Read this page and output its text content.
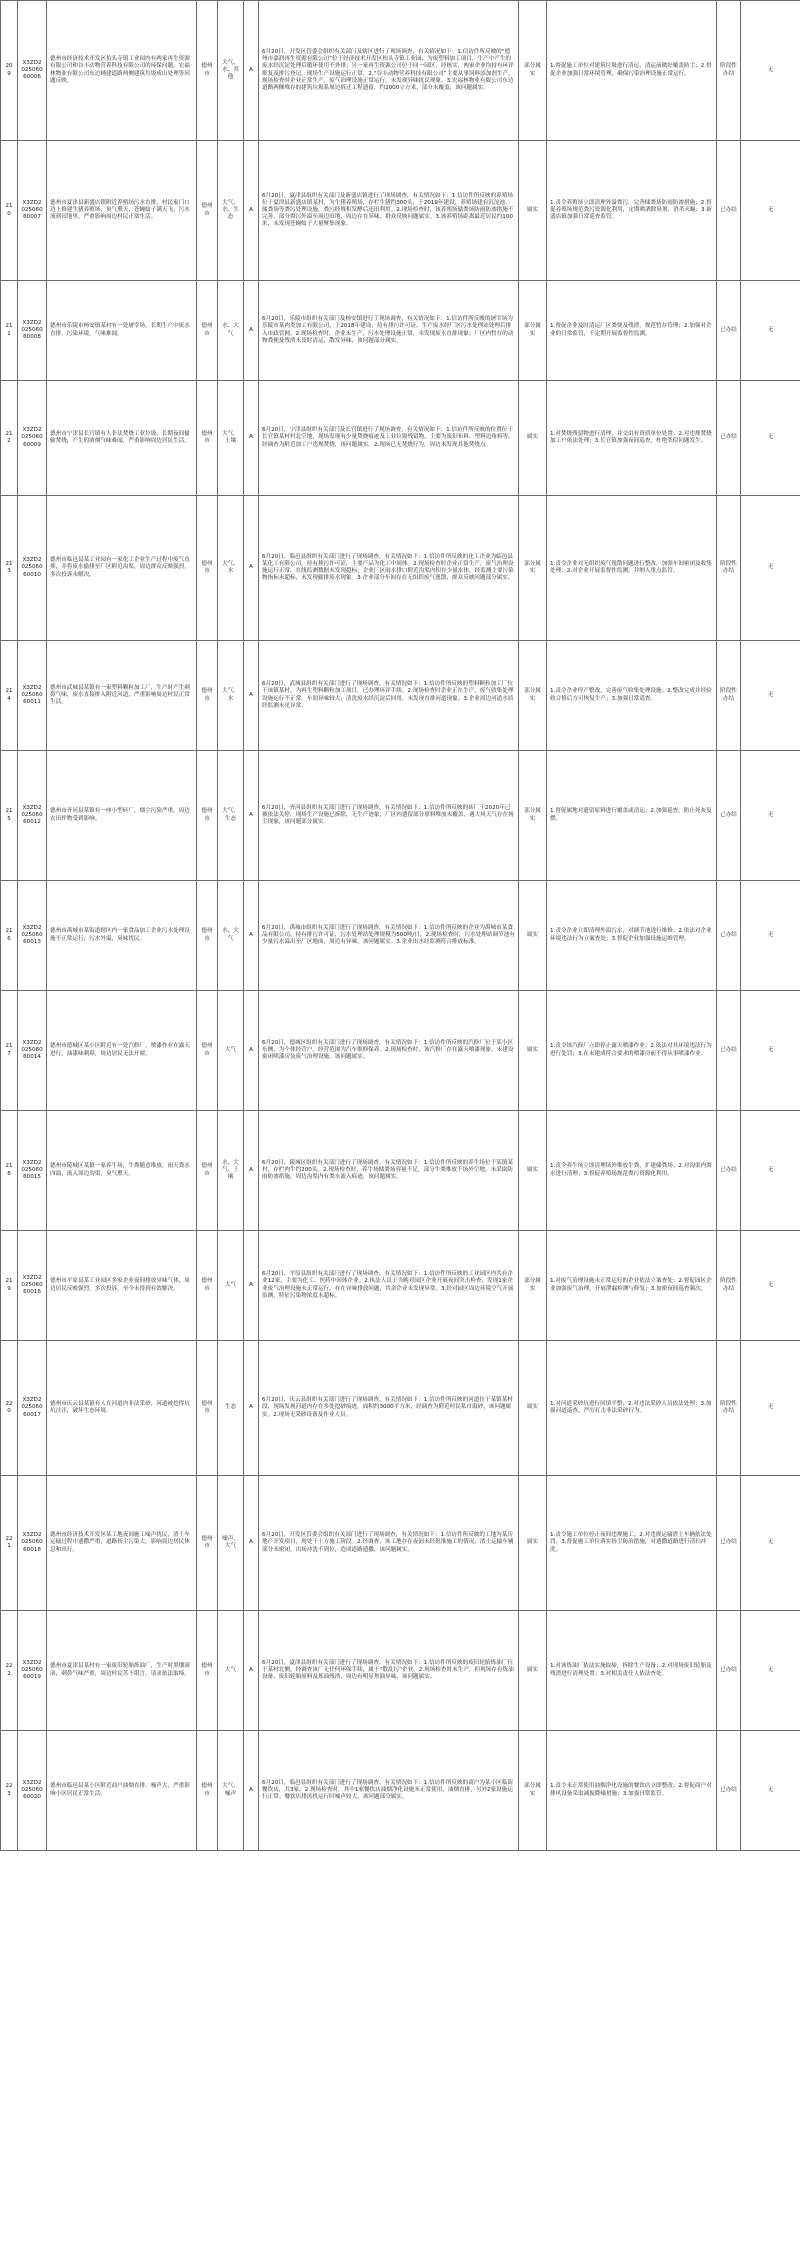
209	X3ZD202506060006	德州市经济技术开发区抬头寺镇工业园内有两家再生资源有限公司和谷丰动物营养科技有限公司的环保问题，宏福林物业有限公司东边辅建道路两侧建筑垃圾成山处理等问题反映。	德州市	大气、水、其他	A	6月20日，开发区管委会组织有关部门及辖区进行了现场调查，有关情况如下：1.信访件所反映的“德州市嘉润再生资源有限公司”位于经济技术开发区抬头寺镇工业园，为废塑料加工项目，生产中产生的废水经沉淀处理后循环使用不外排；另一家再生资源公司位于同一园区，经核实，两家企业均持有环评批复及排污登记，现场生产设施运行正常。2.“谷丰动物营养科技有限公司”主要从事饲料添加剂生产，现场检查时企业正常生产，废气治理设施正常运行，未发现异味扰民现象。3.宏福林物业有限公司东边道路两侧堆存的建筑垃圾系周边拆迁工程遗留，约2000立方米，部分未覆盖，该问题属实。	部分属实	1.督促施工单位对建筑垃圾进行清运，清运前做好覆盖防尘；2.督促企业加强日常环境管理，确保污染治理设施正常运行。	阶段性办结	无
210	X3ZD202506060007	德州市夏津县新盛店镇附近养殖场污水直排，村民家门口边上修建生猪养殖场，臭气熏天，苍蝇蚊子满天飞，污水流到田地里，严重影响周边村民正常生活。	德州市	大气、水、生态	A	6月20日，夏津县组织有关部门及新盛店镇进行了现场调查，有关情况如下：1.信访件所反映的养殖场位于夏津县新盛店镇某村，为生猪养殖场，存栏生猪约300头，于2019年建设，养殖场建有沉淀池、储粪场等粪污处理设施，粪污经堆积发酵后还田利用。2.现场检查时，该养殖场储粪场防雨防渗措施不完善，部分粪污外溢至周边田地，周边存在异味，群众反映问题属实。3.该养殖场距离最近居民约100米，未发现苍蝇蚊子大量聚集现象。	属实	1.责令养殖场立即清理外溢粪污，完善储粪场防雨防渗措施；2.督促养殖场规范粪污资源化利用，定期喷洒除臭剂、消杀灭蝇；3.新盛店镇加强日常巡查监管。	已办结	无
211	X3ZD202506060008	德州市乐陵市杨安镇某村有一处屠宰场，长期生产中废水直排，污染环境，气味难闻。	德州市	水、大气	A	6月20日，乐陵市组织有关部门及杨安镇进行了现场调查，有关情况如下：1.信访件所反映的屠宰场为乐陵市某肉类加工有限公司，于2018年建设，持有排污许可证，生产废水经厂区污水处理站处理后排入市政管网。2.现场检查时，企业未生产，污水处理设施正常，未发现废水直排现象；厂区内暂存的动物粪便及残渣未及时清运，散发异味，该问题部分属实。	部分属实	1.督促企业及时清运厂区粪便及残渣，规范暂存管理；2.加强对企业的日常监管，不定期开展监督性监测。	已办结	无
212	X3ZD202506060009	德州市宁津县长官镇有人非法焚烧工业垃圾，长期夜间偷偷焚烧，产生的浓烟气味难闻，严重影响周边居民生活。	德州市	大气、土壤	A	6月20日，宁津县组织有关部门及长官镇进行了现场调查，有关情况如下：1.信访件所反映的位置位于长官镇某村村北空地，现场发现有少量焚烧痕迹及工业垃圾残留物，主要为废旧布料、塑料边角料等，经调查为附近加工户违规焚烧，该问题属实。2.现场已无焚烧行为，周边未发现其他焚烧点。	属实	1.对焚烧残留物进行清理，并交由有资质单位处置；2.对违规焚烧加工户依法处理；3.长官镇加强夜间巡查，杜绝类似问题发生。	已办结	无
213	X3ZD202506060010	德州市临邑县某工业园有一家化工企业生产过程中废气直排，并将废水偷排至厂区附近沟渠，周边群众反映强烈，多次投诉未解决。	德州市	大气、水	A	6月20日，临邑县组织有关部门进行了现场调查，有关情况如下：1.信访件所反映的化工企业为临邑县某化工有限公司，持有排污许可证，主要产品为化工中间体。2.现场检查时企业正常生产，废气治理设施运行正常，在线监测数据未发现超标；企业厂区雨水排口附近沟渠内积存少量水体，经监测主要污染物指标未超标，未发现偷排废水现象。3.企业部分车间存在无组织废气逸散，群众反映问题部分属实。	部分属实	1.责令企业对无组织废气逸散问题进行整改，加强车间密闭及收集处理；2.对企业开展监督性监测，并纳入重点监管。	阶段性办结	无
214	X3ZD202506060011	德州市武城县某镇有一家塑料颗粒加工厂，生产时产生刺鼻气味，废水直接排入附近河道，严重影响周边村民正常生活。	德州市	大气、水	A	6月20日，武城县组织有关部门进行了现场调查，有关情况如下：1.信访件所反映的塑料颗粒加工厂位于该镇某村，为再生塑料颗粒加工项目，已办理环评手续。2.现场检查时企业正在生产，废气收集处理设施运行不正常，车间异味较大；清洗废水经沉淀后回用，未发现直排河道现象。3.企业周边河道水质经监测未见异常。	部分属实	1.责令企业停产整改，完善废气收集处理设施；2.整改完成并经验收合格后方可恢复生产；3.加强日常巡查。	阶段性办结	无
215	X3ZD202506060012	德州市齐河县某镇有一座小型砖厂，烟尘污染严重，周边农田作物受到影响。	德州市	大气、生态	A	6月20日，齐河县组织有关部门进行了现场调查，有关情况如下：1.信访件所反映的砖厂于2020年已被依法关停，现场生产设施已拆除，无生产迹象，厂区内遗留部分原料堆放未覆盖，遇大风天气存在扬尘现象，该问题部分属实。	部分属实	1.督促属地对遗留原料进行覆盖或清运；2.加强巡查，防止死灰复燃。	已办结	无
216	X3ZD202506060013	德州市禹城市某街道辖区内一家食品加工企业污水处理设施不正常运行，污水外溢，臭味扰民。	德州市	水、大气	A	6月20日，禹城市组织有关部门进行了现场调查，有关情况如下：1.信访件所反映的企业为禹城市某食品有限公司，持有排污许可证，污水处理站处理规模为500吨/日。2.现场检查时，污水处理站调节池有少量污水溢出至厂区地面，周边有异味，该问题属实。3.企业出水经监测符合排放标准。	属实	1.责令企业立即清理外溢污水，对调节池进行维修；2.依法对企业环境违法行为立案查处；3.督促企业加强设施运维管理。	已办结	无
217	X3ZD202506060014	德州市德城区某小区附近有一处汽修厂，喷漆作业在露天进行，油漆味刺鼻，周边居民无法开窗。	德州市	大气	A	6月20日，德城区组织有关部门进行了现场调查，有关情况如下：1.信访件所反映的汽修厂位于某小区东侧，为个体经营户，经营范围为汽车维修保养。2.现场检查时，该汽修厂存在露天喷漆现象，未建设密闭喷漆房及废气治理设施，该问题属实。	属实	1.责令该汽修厂立即停止露天喷漆作业；2.依法对其环境违法行为进行处罚；3.在未建成符合要求的喷漆房前不得从事喷漆作业。	已办结	无
218	X3ZD202506060015	德州市陵城区某镇一家养牛场，牛粪随意堆放，雨天粪水四溢，流入周边沟渠，臭气熏天。	德州市	水、大气、土壤	A	6月20日，陵城区组织有关部门进行了现场调查，有关情况如下：1.信访件所反映的养牛场位于某镇某村，存栏肉牛约200头。2.现场检查时，养牛场储粪场容量不足，部分牛粪堆放于场外空地，未采取防雨防渗措施，周边沟渠内有粪水流入痕迹，该问题属实。	属实	1.责令养牛场立即清理场外堆放牛粪，扩建储粪场；2.对沟渠内粪水进行清理；3.督促养殖场规范粪污资源化利用。	已办结	无
219	X3ZD202506060016	德州市平原县某工业园区多家企业夜间排放异味气体，周边居民反映强烈，多次投诉，至今未得到有效解决。	德州市	大气	A	6月20日，平原县组织有关部门进行了现场调查，有关情况如下：1.信访件所反映的工业园区内共有企业12家，主要为化工、医药中间体企业。2.执法人员于当晚对园区企业开展夜间突击检查，发现1家企业废气治理设施未正常运行，存在异味排放问题，其余企业未发现异常。3.经对园区周边环境空气开展监测，特征污染物浓度未超标。	部分属实	1.对废气治理设施未正常运行的企业依法立案查处；2.督促园区企业加强废气治理，开展泄漏检测与修复；3.加密夜间巡查频次。	阶段性办结	无
220	X3ZD202506060017	德州市庆云县某镇有人在河道内非法采砂，河道被挖得坑坑洼洼，破坏生态环境。	德州市	生态	A	6月20日，庆云县组织有关部门进行了现场调查，有关情况如下：1.信访件所反映的河道位于某镇某村段，现场发现河道内存在多处挖砂痕迹，面积约3000平方米，经调查为附近村民私自取砂，该问题属实。2.现场无采砂设备及作业人员。	属实	1.对河道采砂坑进行回填平整；2.对违法采砂人员依法处理；3.加强河道巡查，严厉打击非法采砂行为。	阶段性办结	无
221	X3ZD202506060018	德州市经济技术开发区某工地夜间施工噪声扰民，渣土车运输过程中遗撒严重，道路扬尘污染大，影响周边居民休息和出行。	德州市	噪声、大气	A	6月20日，开发区管委会组织有关部门进行了现场调查，有关情况如下：1.信访件所反映的工地为某房地产开发项目，现处于土方施工阶段。2.经调查，该工地存在夜间未经批准施工的情况，渣土运输车辆部分未密闭，出场冲洗不到位，造成道路遗撒，该问题属实。	属实	1.责令施工单位停止夜间违规施工；2.对违规运输渣土车辆依法处罚；3.督促施工单位落实扬尘防治措施，对遗撒道路进行清扫冲洗。	已办结	无
222	X3ZD202506060019	德州市夏津县某村有一家废旧轮胎炼油厂，生产时黑烟滚滚，刺鼻气味严重，周边村民苦不堪言，请求依法取缔。	德州市	大气	A	6月20日，夏津县组织有关部门进行了现场调查，有关情况如下：1.信访件所反映的废旧轮胎炼油厂位于某村北侧，经调查该厂无任何环保手续，属于“散乱污”企业。2.现场检查时未生产，但现场存有炼油设备、废旧轮胎原料及炼油残渣，周边有明显焦油异味，该问题属实。	属实	1.对该炼油厂依法实施取缔，拆除生产设备；2.对现场废旧轮胎及残渣进行清理处置；3.对相关责任人依法查处。	已办结	无
223	X3ZD202506060020	德州市临邑县某小区附近商户油烟直排，噪声大，严重影响小区居民正常生活。	德州市	大气、噪声	A	6月20日，临邑县组织有关部门进行了现场调查，有关情况如下：1.信访件所反映的商户为某小区临街餐饮店，共3家。2.现场检查时，其中1家餐饮店油烟净化设施未正常使用，油烟直排，另外2家设施运行正常；餐饮店排风机运行时噪声较大，该问题部分属实。	部分属实	1.责令未正常使用油烟净化设施的餐饮店立即整改；2.督促商户对排风设备采取减振降噪措施；3.加强日常监管。	已办结	无
